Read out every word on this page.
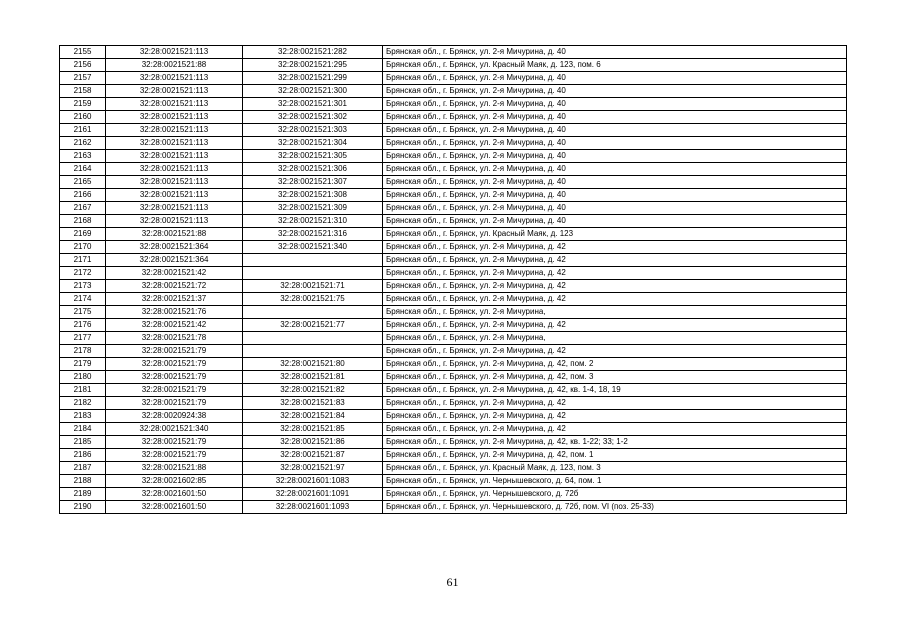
2155	32:28:0021521:113	32:28:0021521:282	Брянская обл., г. Брянск, ул. 2-я Мичурина, д. 40
2156	32:28:0021521:88	32:28:0021521:295	Брянская обл., г. Брянск, ул. Красный Маяк, д. 123, пом. 6
2157	32:28:0021521:113	32:28:0021521:299	Брянская обл., г. Брянск, ул. 2-я Мичурина, д. 40
2158	32:28:0021521:113	32:28:0021521:300	Брянская обл., г. Брянск, ул. 2-я Мичурина, д. 40
2159	32:28:0021521:113	32:28:0021521:301	Брянская обл., г. Брянск, ул. 2-я Мичурина, д. 40
2160	32:28:0021521:113	32:28:0021521:302	Брянская обл., г. Брянск, ул. 2-я Мичурина, д. 40
2161	32:28:0021521:113	32:28:0021521:303	Брянская обл., г. Брянск, ул. 2-я Мичурина, д. 40
2162	32:28:0021521:113	32:28:0021521:304	Брянская обл., г. Брянск, ул. 2-я Мичурина, д. 40
2163	32:28:0021521:113	32:28:0021521:305	Брянская обл., г. Брянск, ул. 2-я Мичурина, д. 40
2164	32:28:0021521:113	32:28:0021521:306	Брянская обл., г. Брянск, ул. 2-я Мичурина, д. 40
2165	32:28:0021521:113	32:28:0021521:307	Брянская обл., г. Брянск, ул. 2-я Мичурина, д. 40
2166	32:28:0021521:113	32:28:0021521:308	Брянская обл., г. Брянск, ул. 2-я Мичурина, д. 40
2167	32:28:0021521:113	32:28:0021521:309	Брянская обл., г. Брянск, ул. 2-я Мичурина, д. 40
2168	32:28:0021521:113	32:28:0021521:310	Брянская обл., г. Брянск, ул. 2-я Мичурина, д. 40
2169	32:28:0021521:88	32:28:0021521:316	Брянская обл., г. Брянск, ул. Красный Маяк, д. 123
2170	32:28:0021521:364	32:28:0021521:340	Брянская обл., г. Брянск, ул. 2-я Мичурина, д. 42
2171	32:28:0021521:364		Брянская обл., г. Брянск, ул. 2-я Мичурина, д. 42
2172	32:28:0021521:42		Брянская обл., г. Брянск, ул. 2-я Мичурина, д. 42
2173	32:28:0021521:72	32:28:0021521:71	Брянская обл., г. Брянск, ул. 2-я Мичурина, д. 42
2174	32:28:0021521:37	32:28:0021521:75	Брянская обл., г. Брянск, ул. 2-я Мичурина, д. 42
2175	32:28:0021521:76		Брянская обл., г. Брянск, ул. 2-я Мичурина,
2176	32:28:0021521:42	32:28:0021521:77	Брянская обл., г. Брянск, ул. 2-я Мичурина, д. 42
2177	32:28:0021521:78		Брянская обл., г. Брянск, ул. 2-я Мичурина,
2178	32:28:0021521:79		Брянская обл., г. Брянск, ул. 2-я Мичурина, д. 42
2179	32:28:0021521:79	32:28:0021521:80	Брянская обл., г. Брянск, ул. 2-я Мичурина, д. 42, пом. 2
2180	32:28:0021521:79	32:28:0021521:81	Брянская обл., г. Брянск, ул. 2-я Мичурина, д. 42, пом. 3
2181	32:28:0021521:79	32:28:0021521:82	Брянская обл., г. Брянск, ул. 2-я Мичурина, д. 42, кв. 1-4, 18, 19
2182	32:28:0021521:79	32:28:0021521:83	Брянская обл., г. Брянск, ул. 2-я Мичурина, д. 42
2183	32:28:0020924:38	32:28:0021521:84	Брянская обл., г. Брянск, ул. 2-я Мичурина, д. 42
2184	32:28:0021521:340	32:28:0021521:85	Брянская обл., г. Брянск, ул. 2-я Мичурина, д. 42
2185	32:28:0021521:79	32:28:0021521:86	Брянская обл., г. Брянск, ул. 2-я Мичурина, д. 42, кв. 1-22; 33; 1-2
2186	32:28:0021521:79	32:28:0021521:87	Брянская обл., г. Брянск, ул. 2-я Мичурина, д. 42, пом. 1
2187	32:28:0021521:88	32:28:0021521:97	Брянская обл., г. Брянск, ул. Красный Маяк, д. 123, пом. 3
2188	32:28:0021602:85	32:28:0021601:1083	Брянская обл., г. Брянск, ул. Чернышевского, д. 64, пом. 1
2189	32:28:0021601:50	32:28:0021601:1091	Брянская обл., г. Брянск, ул. Чернышевского, д. 72б
2190	32:28:0021601:50	32:28:0021601:1093	Брянская обл., г. Брянск, ул. Чернышевского, д. 72б, пом. VI (поз. 25-33)
61
